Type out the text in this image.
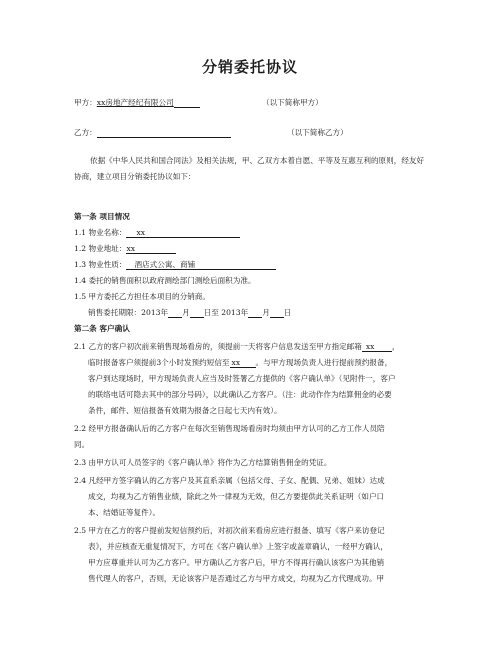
分销委托协议
甲方：xx房地产经纪有限公司	（以下简称甲方）
乙方：	（以下简称乙方）
依据《中华人民共和国合同法》及相关法规，甲、乙双方本着自愿、平等及互惠互利的原则，经友好协商，建立项目分销委托协议如下：
第一条 项目情况
1.1 物业名称： xx
1.2 物业地址： xx
1.3 物业性质： 酒店式公寓、商铺
1.4 委托的销售面积以政府测绘部门测绘后面积为准。
1.5 甲方委托乙方担任本项目的分销商。
销售委托期限：2013年 月 日至 2013年 月 日
第二条 客户确认
2.1 乙方的客户初次前来销售现场看房的，须提前一天将客户信息发送至甲方指定邮箱 xx ，
临时报备客户须提前3个小时发预约短信至 xx 。与甲方现场负责人进行提前预约报备，
客户到达现场时，甲方现场负责人应当及时签署乙方提供的《客户确认单》（见附件一，客户
的联络电话可隐去其中的部分号码），以此确认乙方客户。（注：此动作作为结算佣金的必要
条件，邮件、短信报备有效期为报备之日起七天内有效）。
2.2 经甲方报备确认后的乙方客户在每次至销售现场看房时均须由甲方认可的乙方工作人员陪
同。
2.3 由甲方认可人员签字的《客户确认单》将作为乙方结算销售佣金的凭证。
2.4 凡经甲方签字确认的乙方客户及其直系亲属（包括父母、子女、配偶、兄弟、姐妹）达成
成交，均视为乙方销售业绩，除此之外一律视为无效，但乙方要提供此关系证明（如户口
本、结婚证等复件）。
2.5 甲方在乙方的客户提前发短信预约后，对初次前来看房应进行报备、填写《客户来访登记
表》，并应核查无重复情况下，方可在《客户确认单》上签字或盖章确认，一经甲方确认，
甲方应尊重并认可为乙方客户。甲方确认乙方客户后，甲方不得再行确认该客户为其他销
售代理人的客户，否则，无论该客户是否通过乙方与甲方成交，均视为乙方代理成功。甲
